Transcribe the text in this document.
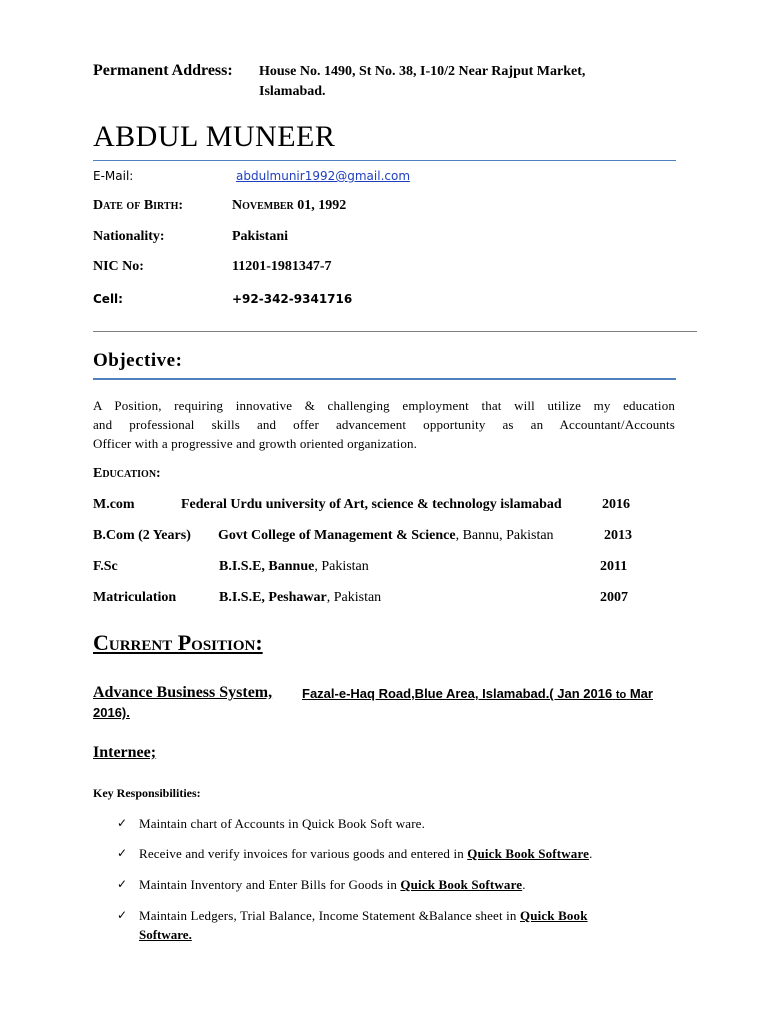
Permanent Address: House No. 1490, St No. 38, I-10/2 Near Rajput Market,
Islamabad.
ABDUL MUNEER
E-Mail:	abdulmunir1992@gmail.com
Date of Birth:	November 01, 1992
Nationality:	Pakistani
NIC No:	11201-1981347-7
Cell:	+92-342-9341716
Objective:
A Position, requiring innovative & challenging employment that will utilize my education
and professional skills and offer advancement opportunity as an Accountant/Accounts
Officer with a progressive and growth oriented organization.
Education:
M.com	Federal Urdu university of Art, science & technology islamabad	2016
B.Com (2 Years) Govt College of Management & Science, Bannu, Pakistan	2013
F.Sc	B.I.S.E, Bannue, Pakistan	2011
Matriculation	B.I.S.E, Peshawar, Pakistan	2007
Current Position:
Advance Business System, Fazal-e-Haq Road,Blue Area, Islamabad.( Jan 2016 to Mar
2016).
Internee;
Key Responsibilities:
✓ Maintain chart of Accounts in Quick Book Soft ware.
✓ Receive and verify invoices for various goods and entered in Quick Book Software.
✓ Maintain Inventory and Enter Bills for Goods in Quick Book Software.
✓ Maintain Ledgers, Trial Balance, Income Statement &Balance sheet in Quick Book
Software.
